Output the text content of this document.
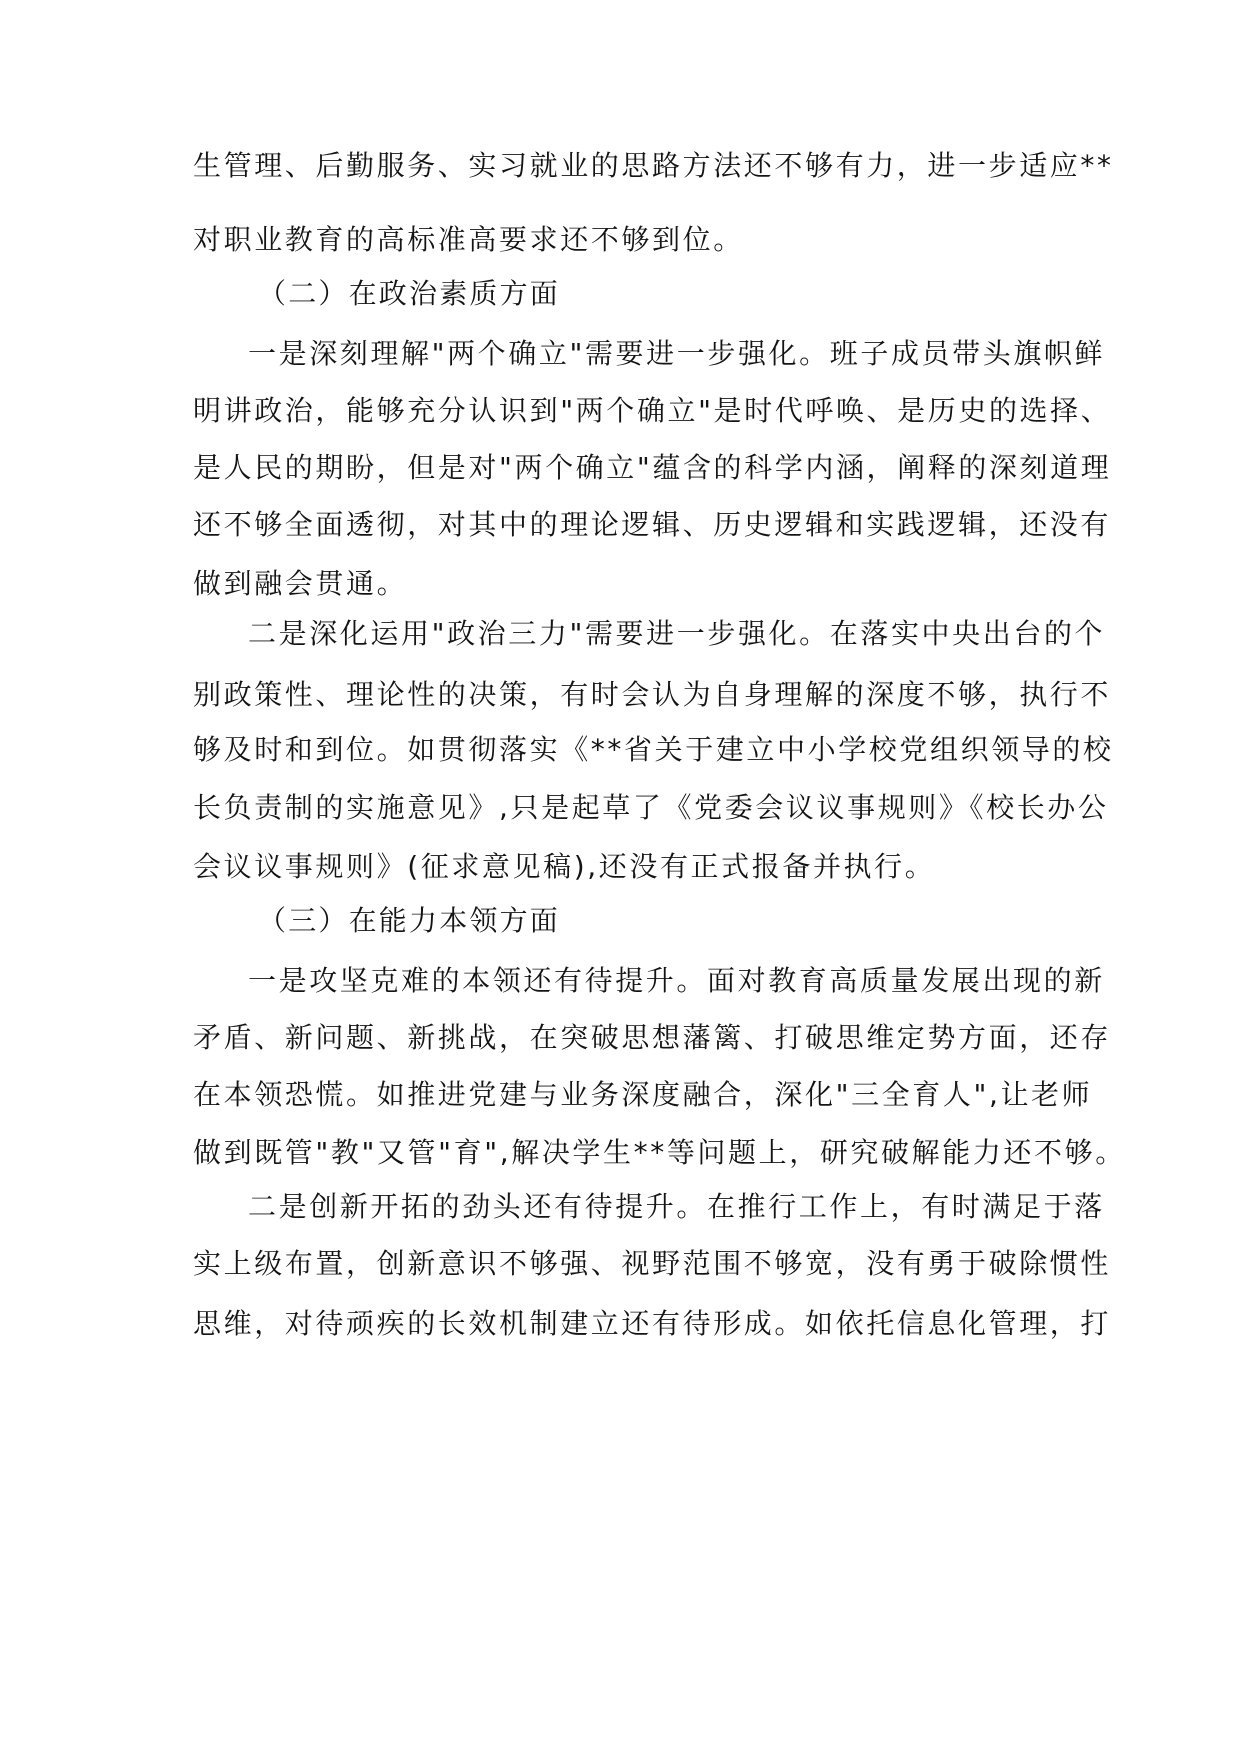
生管理、后勤服务、实习就业的思路方法还不够有力，进一步适应**
对职业教育的高标准高要求还不够到位。
（二）在政治素质方面
一是深刻理解"两个确立"需要进一步强化。班子成员带头旗帜鲜
明讲政治，能够充分认识到"两个确立"是时代呼唤、是历史的选择、
是人民的期盼，但是对"两个确立"蕴含的科学内涵，阐释的深刻道理
还不够全面透彻，对其中的理论逻辑、历史逻辑和实践逻辑，还没有
做到融会贯通。
二是深化运用"政治三力"需要进一步强化。在落实中央出台的个
别政策性、理论性的决策，有时会认为自身理解的深度不够，执行不
够及时和到位。如贯彻落实《**省关于建立中小学校党组织领导的校
长负责制的实施意见》,只是起草了《党委会议议事规则》《校长办公
会议议事规则》(征求意见稿),还没有正式报备并执行。
（三）在能力本领方面
一是攻坚克难的本领还有待提升。面对教育高质量发展出现的新
矛盾、新问题、新挑战，在突破思想藩篱、打破思维定势方面，还存
在本领恐慌。如推进党建与业务深度融合，深化"三全育人",让老师
做到既管"教"又管"育",解决学生**等问题上，研究破解能力还不够。
二是创新开拓的劲头还有待提升。在推行工作上，有时满足于落
实上级布置，创新意识不够强、视野范围不够宽，没有勇于破除惯性
思维，对待顽疾的长效机制建立还有待形成。如依托信息化管理，打
